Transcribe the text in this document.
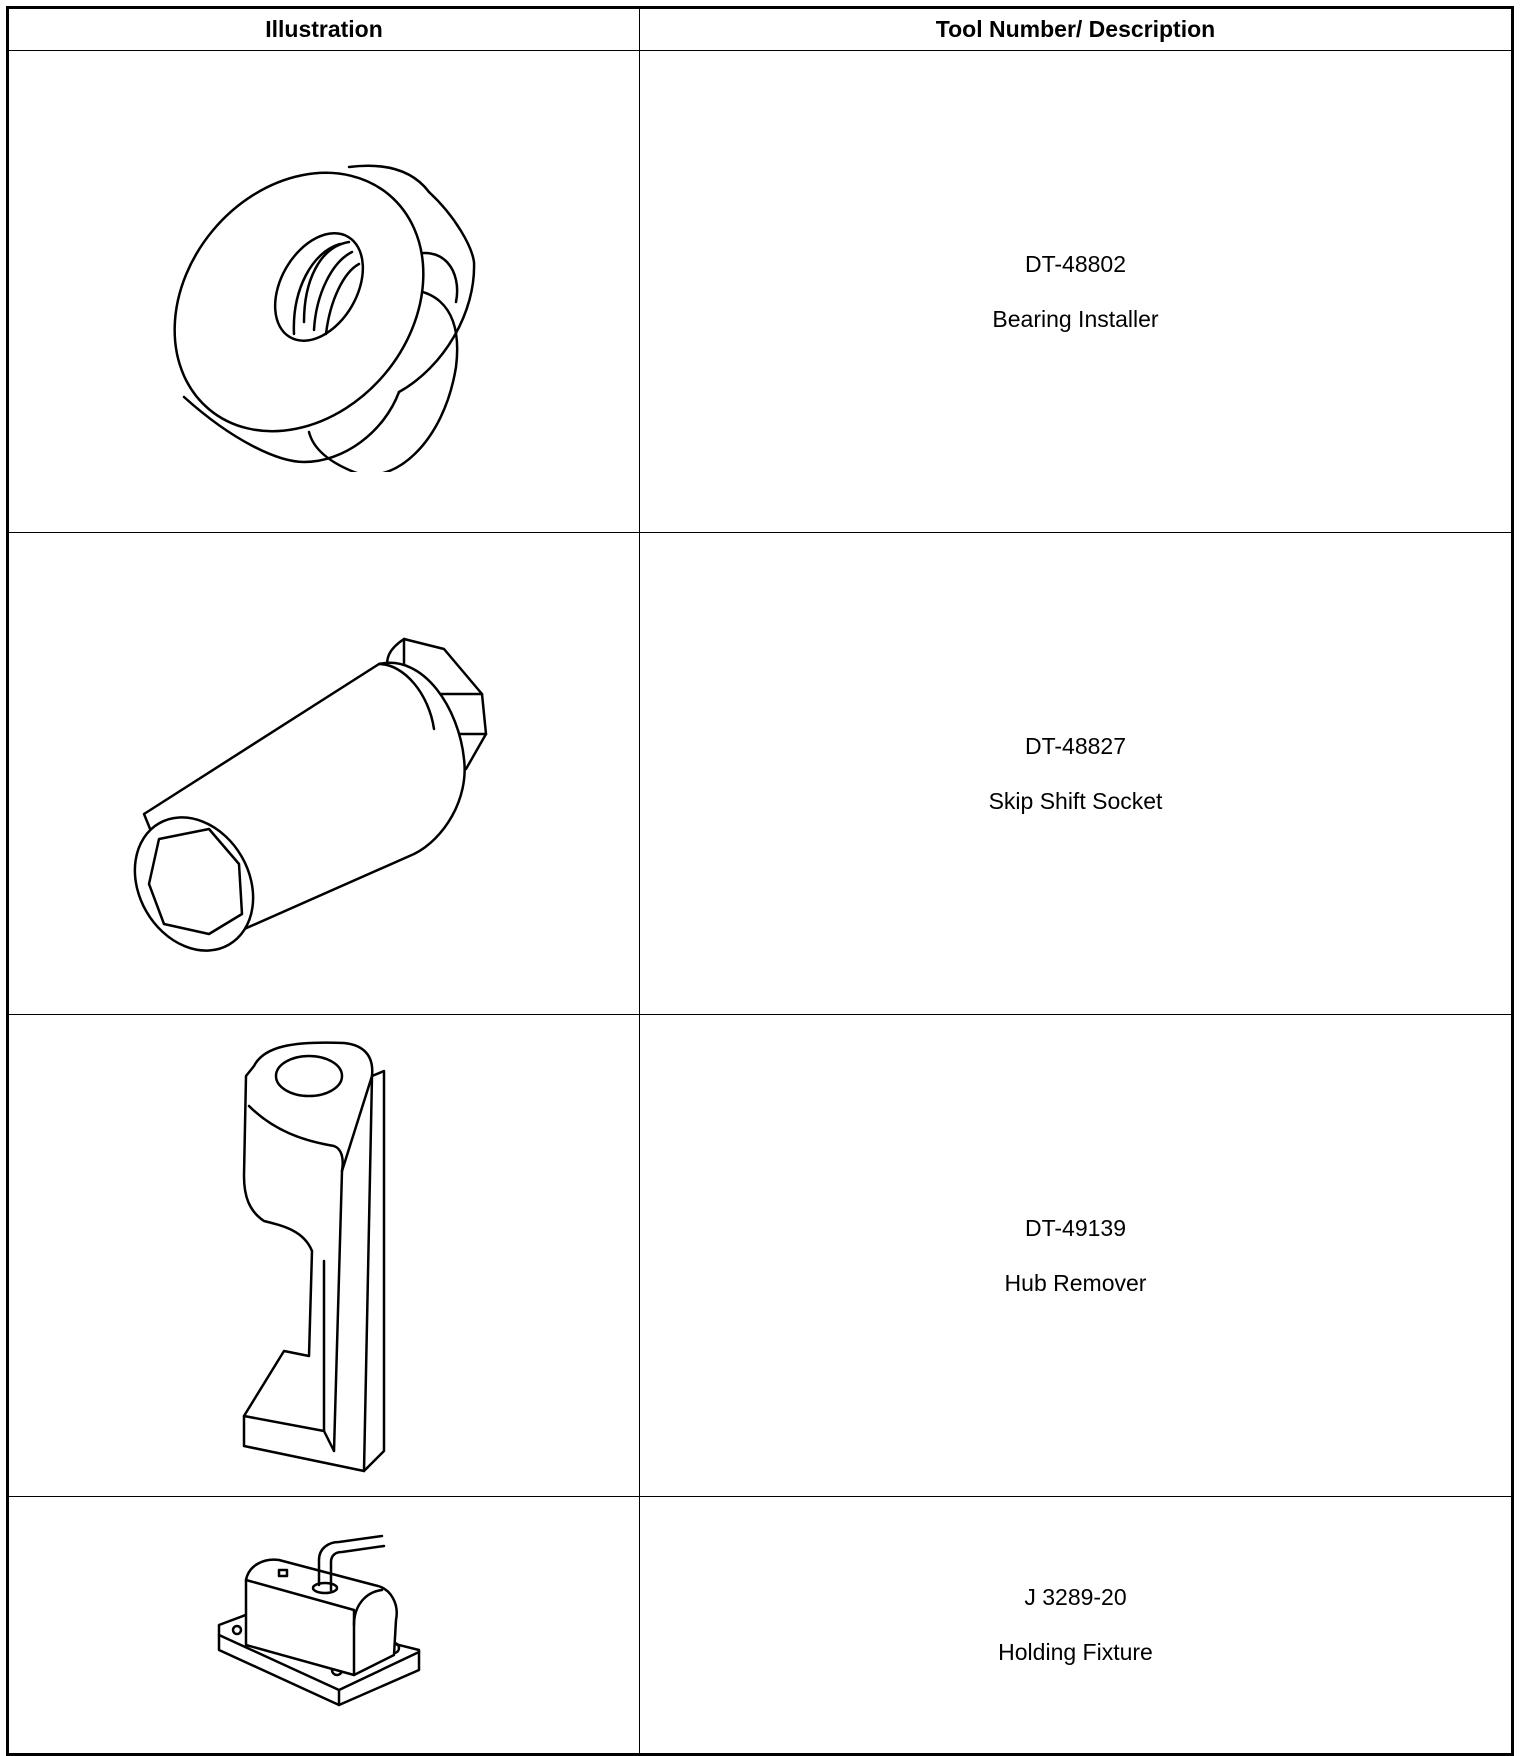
Illustration	Tool Number/ Description

DT-48802
Bearing Installer

DT-48827
Skip Shift Socket

DT-49139
Hub Remover

J 3289-20
Holding Fixture
